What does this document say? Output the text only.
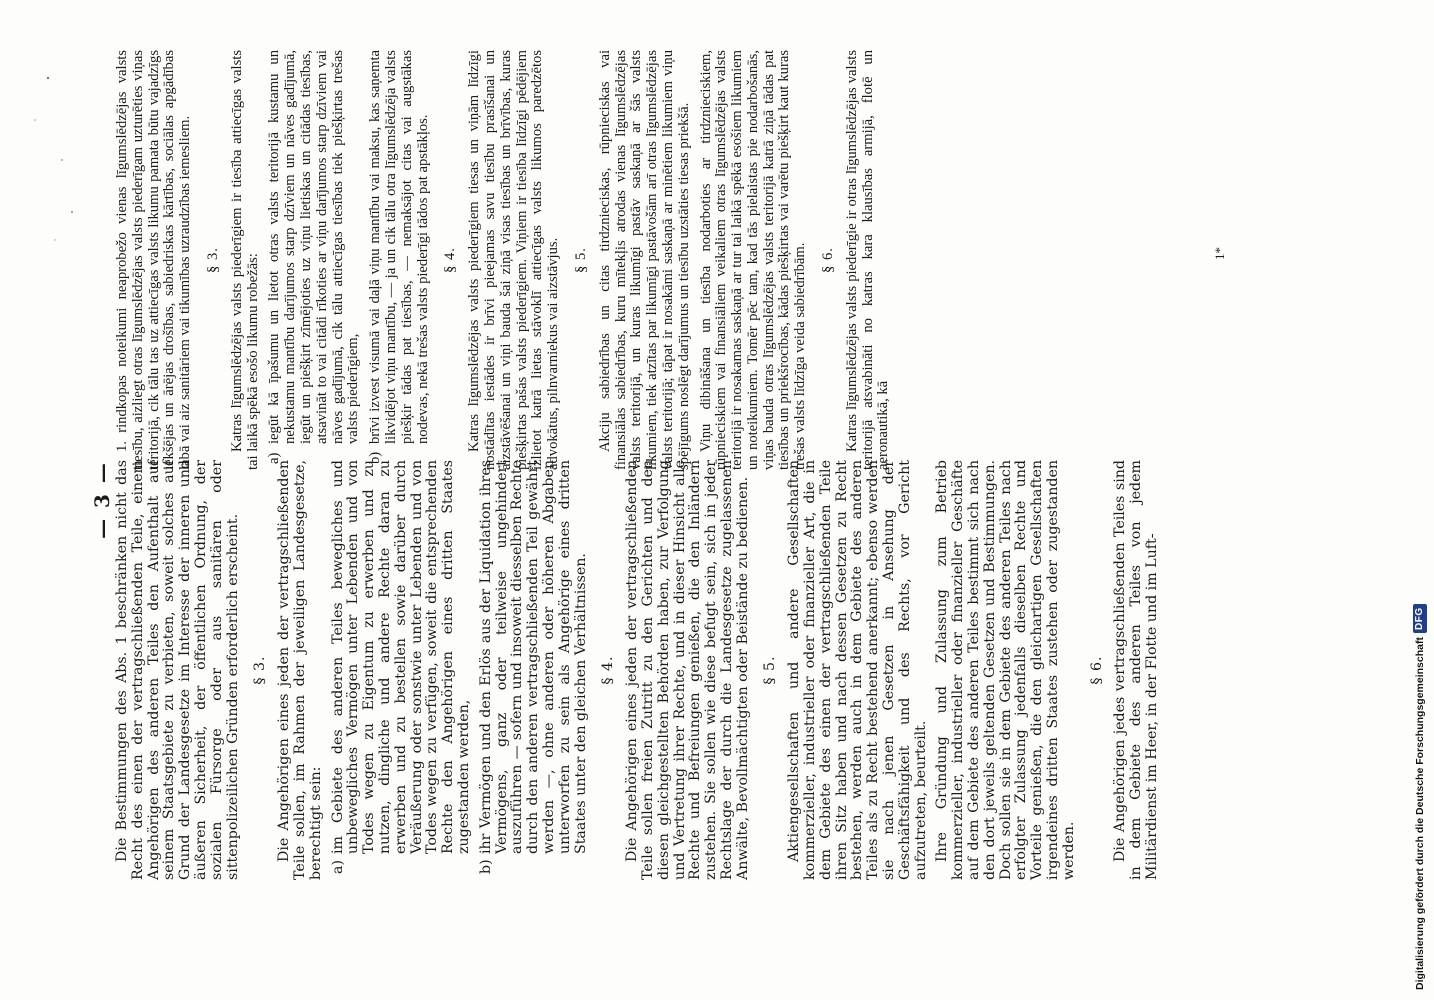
— 3 — Die Bestimmungen des Abs. 1 beschränken nicht das Recht des einen der vertragschließenden Teile, einem Angehörigen des anderen Teiles den Aufenthalt auf seinem Staatsgebiete zu verbieten, soweit solches auf Grund der Landesgesetze im Interesse der inneren und äußeren Sicherheit, der öffentlichen Ordnung, der sozialen Fürsorge oder aus sanitären oder sittenpolizeilichen Gründen erforderlich erscheint. § 3. Die Angehörigen eines jeden der vertragschließenden Teile sollen, im Rahmen der jeweiligen Landesgesetze, berechtigt sein: a)
im Gebiete des anderen Teiles bewegliches und unbewegliches Vermögen unter Lebenden und von Todes wegen zu Eigentum zu erwerben und zu nutzen, dingliche und andere Rechte daran zu erwerben und zu bestellen sowie darüber durch Veräußerung oder sonstwie unter Lebenden und von Todes wegen zu verfügen, soweit die entsprechenden Rechte den Angehörigen eines dritten Staates zugestanden werden,
b)
ihr Vermögen und den Erlös aus der Liquidation ihres Vermögens, ganz oder teilweise ungehindert auszuführen — sofern und insoweit diesselben Rechte durch den anderen vertragschließenden Teil gewährt werden —, ohne anderen oder höheren Abgaben unterworfen zu sein als Angehörige eines dritten Staates unter den gleichen Verhältnissen. § 4. Die Angehörigen eines jeden der vertragschließenden Teile sollen freien Zutritt zu den Gerichten und den diesen gleichgestellten Behörden haben, zur Verfolgung und Vertretung ihrer Rechte, und in dieser Hinsicht alle Rechte und Befreiungen genießen, die den Inländern zustehen. Sie sollen wie diese befugt sein, sich in jeder Rechtslage der durch die Landesgesetze zugelassenen Anwälte, Bevollmächtigten oder Beistände zu bedienen. § 5. Aktiengesellschaften und andere Gesellschaften kommerzieller, industrieller oder finanzieller Art, die in dem Gebiete des einen der vertragschließenden Teile ihren Sitz haben und nach dessen Gesetzen zu Recht bestehen, werden auch in dem Gebiete des anderen Teiles als zu Recht bestehend anerkannt; ebenso werden sie nach jenen Gesetzen in Ansehung der Geschäftsfähigkeit und des Rechts, vor Gericht aufzutreten, beurteilt. Ihre Gründung und Zulassung zum Betrieb kommerzieller, industrieller oder finanzieller Geschäfte auf dem Gebiete des anderen Teiles bestimmt sich nach den dort jeweils geltenden Gesetzen und Bestimmungen. Doch sollen sie in dem Gebiete des anderen Teiles nach erfolgter Zulassung jedenfalls dieselben Rechte und Vorteile genießen, die den gleichartigen Gesellschaften irgendeines dritten Staates zustehen oder zugestanden werden.

§ 6. Die Angehörigen jedes vertragschließenden Teiles sind in dem Gebiete des anderen Teiles von jedem Militärdienst im Heer, in der Flotte und im Luft-

1. rindkopas noteikumi neaprobežo vienas līgumslēdzējas valsts tiesību, aizliegt otras līgumslēdzējas valsts piederīgam uzturēties viņas teritorijā, cik tālu tas uz attiecīgas valsts likumu pamata būtu vajadzīgs iekšējas un ārējas drošības, sabiedriskas kārtības, sociālas apgādības labā vai aiz sanitāriem vai tikumības uzraudzības iemesliem. § 3. Katras līgumslēdzējas valsts piederīgiem ir tiesība attiecīgas valsts tai laikā spēkā esošo likumu robežās: a)
iegūt kā īpašumu un lietot otras valsts teritorijā kustamu un nekustamu mantību darījumos starp dzīviem un nāves gadījumā, iegūt un piešķirt zīmējoties uz viņu lietiskas un citādas tiesības, atsavināt to vai citādi rīkoties ar viņu darījumos starp dzīviem vai nāves gadījumā, cik tālu attiecīgas tiesības tiek piešķirtas trešas valsts piederīgiem,
b)
brīvi izvest visumā vai daļā viņu mantību vai maksu, kas saņemta likvidējot viņu mantību, — ja un cik tālu otra līgumslēdzēja valsts piešķir tādas pat tiesības, — nemaksājot citas vai augstākas nodevas, nekā trešas valsts piederīgi tādos pat apstākļos. § 4. Katras līgumslēdzējas valsts piederīgiem tiesas un viņām līdzīgi nostādītas iestādes ir brīvi pieejamas savu tiesību prasīšanai un aizstāvēšanai un viņi bauda šai ziņā visas tiesības un brīvības, kuras piešķirtas pašas valsts piederīgiem. Viņiem ir tiesība līdzīgi pēdējiem izlietot katrā lietas stāvoklī attiecīgas valsts likumos paredzētos advokātus, pilnvarniekus vai aizstāvjus. § 5. Akciju sabiedrības un citas tirdznieciskas, rūpnieciskas vai finansiālas sabiedrības, kuru mītekļis atrodas vienas līgumslēdzējas valsts teritorijā, un kuras likumīgi pastāv saskaņā ar šās valsts likumiem, tiek atzītas par likumīgi pastāvošām arī otras līgumslēdzējas valsts teritorijā; tāpat ir nosakāmi saskaņā ar minētiem likumiem viņu spējīgums noslēgt darījumus un tiesību uzstāties tiesas priekšā. Viņu dibināšana un tiesība nodarboties ar tirdznieciskiem, rūpnieciskiem vai finansiāliem veikaliem otras līgumslēdzējas valsts teritorijā ir nosakamas saskaņā ar tur tai laikā spēkā esošiem likumiem un noteikumiem. Tomēr pēc tam, kad tās pielaistas pie nodarbošanās, viņas bauda otras līgumslēdzējas valsts teritorijā katrā ziņā tādas pat tiesības un priekšrocības, kādas piešķirtas vai varētu piešķirt kaut kuras trešas valsts līdzīga veida sabiedrībām. § 6. Katras līgumslēdzējas valsts piederīgie ir otras līgumslēdzējas valsts teritorijā atsvabināti no katras kara klausības armijā, flotē un aeronautikā, kā

1*
Digitalisierung gefördert durch die Deutsche Forschungsgemeinschaft
DFG
